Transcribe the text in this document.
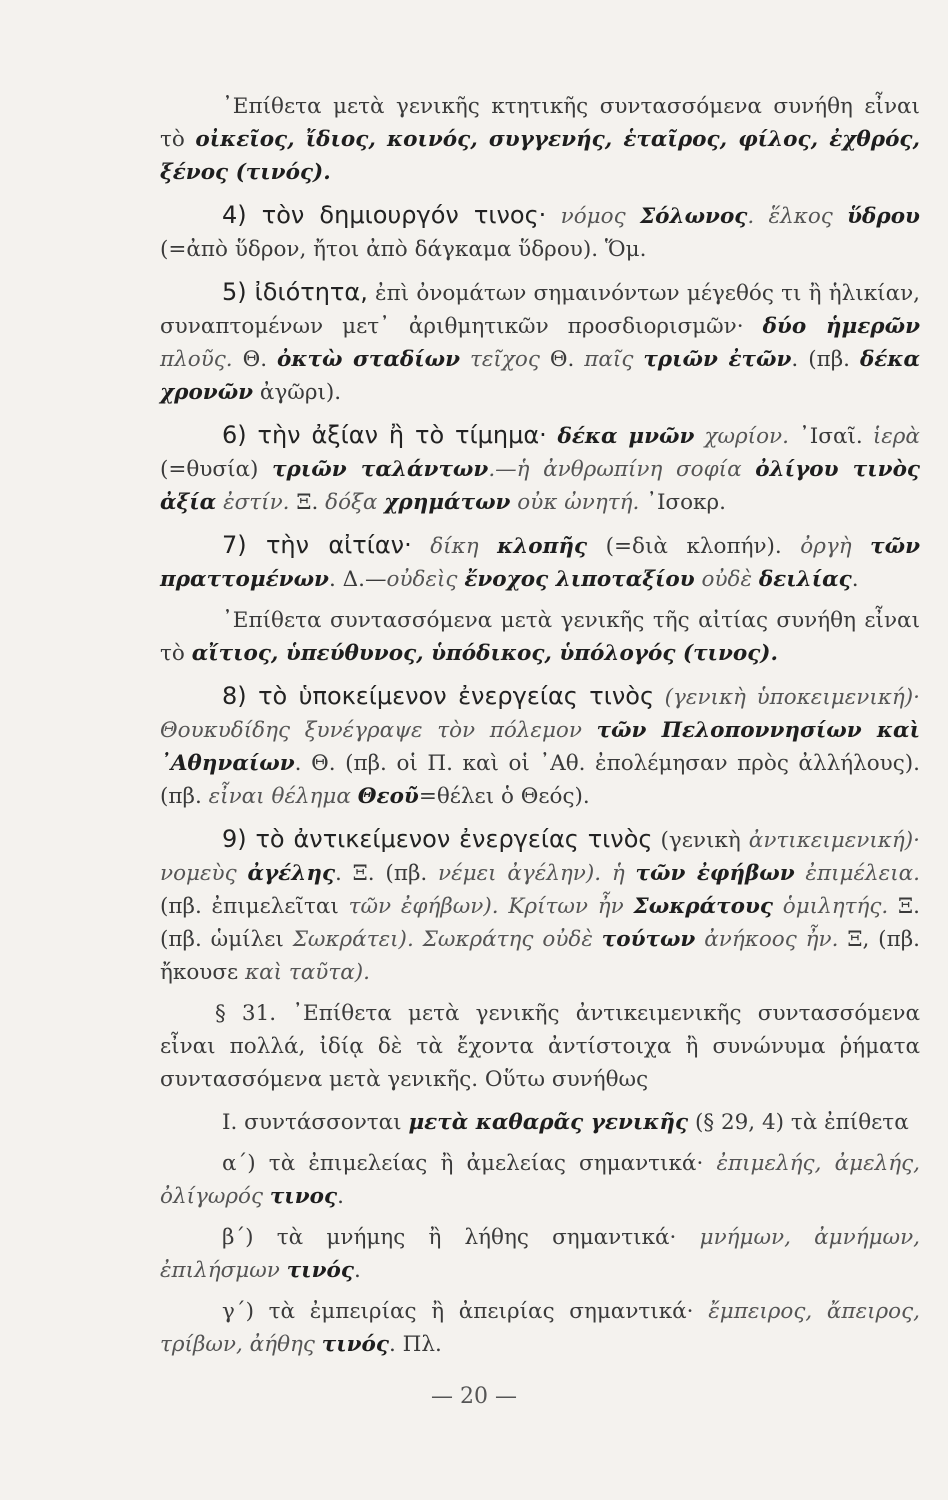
᾿Επίθετα μετὰ γενικῆς κτητικῆς συντασσόμενα συνήθη εἶναι τὸ οἰκεῖος, ἴδιος, κοινός, συγγενής, ἑταῖρος, φίλος, ἐχθρός, ξένος (τινός).

4) τὸν δημιουργόν τινος· νόμος Σόλωνος. ἕλκος ὕδρου (=ἀπὸ ὕδρον, ἤτοι ἀπὸ δάγκαμα ὕδρου). Ὅμ.

5) ἰδιότητα, ἐπὶ ὀνομάτων σημαινόντων μέγεθός τι ἢ ἡλικίαν, συναπτομένων μετ᾿ ἀριθμητικῶν προσδιορισμῶν· δύο ἡμερῶν πλοῦς. Θ. ὀκτὼ σταδίων τεῖχος Θ. παῖς τριῶν ἐτῶν. (πβ. δέκα χρονῶν ἀγῶρι).

6) τὴν ἀξίαν ἢ τὸ τίμημα· δέκα μνῶν χωρίον. ᾿Ισαῖ. ἱερὰ (=θυσία) τριῶν ταλάντων.—ἡ ἀνθρωπίνη σοφία ὀλίγου τινὸς ἀξία ἐστίν. Ξ. δόξα χρημάτων οὐκ ὠνητή. ᾿Ισοκρ.

7) τὴν αἰτίαν· δίκη κλοπῆς (=διὰ κλοπήν). ὀργὴ τῶν πραττομένων. Δ.—οὐδεὶς ἔνοχος λιποταξίου οὐδὲ δειλίας.

᾿Επίθετα συντασσόμενα μετὰ γενικῆς τῆς αἰτίας συνήθη εἶναι τὸ αἴτιος, ὑπεύθυνος, ὑπόδικος, ὑπόλογός (τινος).

8) τὸ ὑποκείμενον ἐνεργείας τινὸς (γενικὴ ὑποκειμενική)· Θουκυδίδης ξυνέγραψε τὸν πόλεμον τῶν Πελοποννησίων καὶ ᾿Αθηναίων. Θ. (πβ. οἱ Π. καὶ οἱ ᾿Αθ. ἐπολέμησαν πρὸς ἀλλήλους). (πβ. εἶναι θέλημα Θεοῦ=θέλει ὁ Θεός).

9) τὸ ἀντικείμενον ἐνεργείας τινὸς (γενικὴ ἀντικειμενική)· νομεὺς ἀγέλης. Ξ. (πβ. νέμει ἀγέλην). ἡ τῶν ἐφήβων ἐπιμέλεια. (πβ. ἐπιμελεῖται τῶν ἐφήβων). Κρίτων ἦν Σωκράτους ὁμιλητής. Ξ. (πβ. ὡμίλει Σωκράτει). Σωκράτης οὐδὲ τούτων ἀνήκοος ἦν. Ξ, (πβ. ἤκουσε καὶ ταῦτα).

§ 31. ᾿Επίθετα μετὰ γενικῆς ἀντικειμενικῆς συντασσόμενα εἶναι πολλά, ἰδίᾳ δὲ τὰ ἔχοντα ἀντίστοιχα ἢ συνώνυμα ῥήματα συντασσόμενα μετὰ γενικῆς. Οὕτω συνήθως

Ι. συντάσσονται μετὰ καθαρᾶς γενικῆς (§ 29, 4) τὰ ἐπίθετα

α΄) τὰ ἐπιμελείας ἢ ἀμελείας σημαντικά· ἐπιμελής, ἀμελής, ὀλίγωρός τινος.

β΄) τὰ μνήμης ἢ λήθης σημαντικά· μνήμων, ἀμνήμων, ἐπιλήσμων τινός.

γ΄) τὰ ἐμπειρίας ἢ ἀπειρίας σημαντικά· ἔμπειρος, ἄπειρος, τρίβων, ἀήθης τινός. Πλ.

— 20 —
